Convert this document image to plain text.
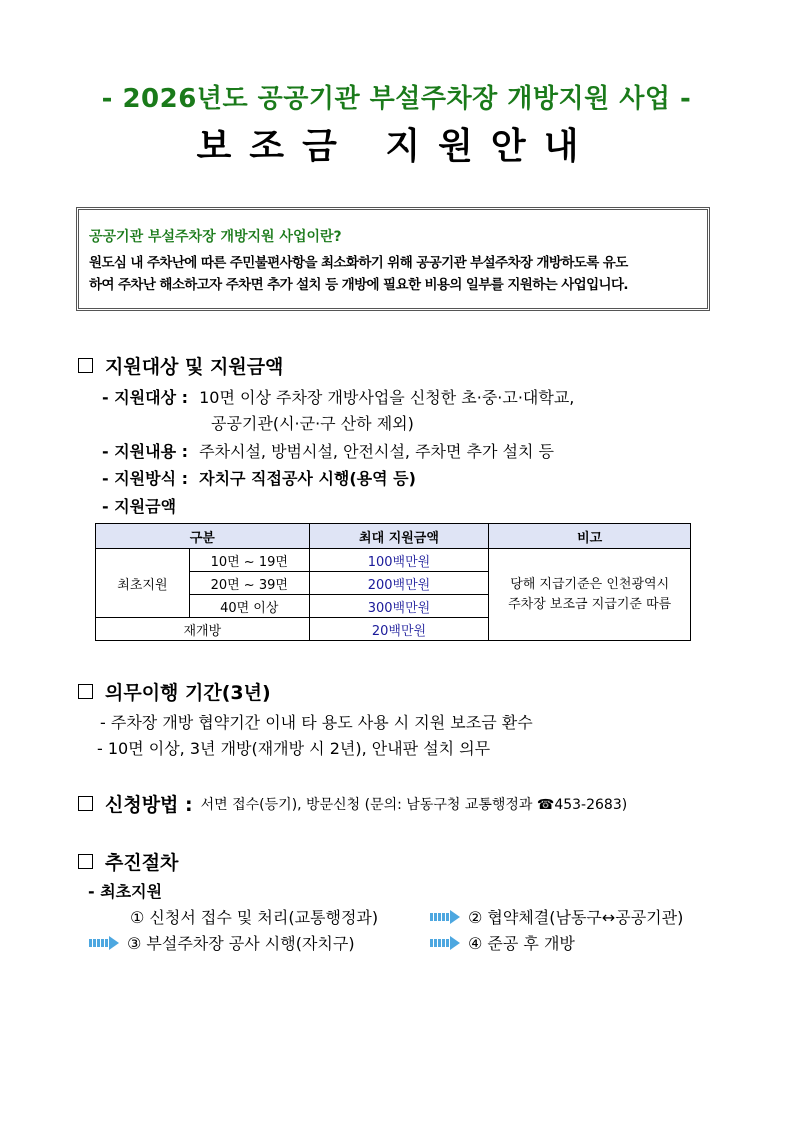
- 2026년도 공공기관 부설주차장 개방지원 사업 -
보조금 지원안내
공공기관 부설주차장 개방지원 사업이란?
원도심 내 주차난에 따른 주민불편사항을 최소화하기 위해 공공기관 부설주차장 개방하도록 유도
하여 주차난 해소하고자 주차면 추가 설치 등 개방에 필요한 비용의 일부를 지원하는 사업입니다.
지원대상 및 지원금액
- 지원대상 : 10면 이상 주차장 개방사업을 신청한 초·중·고·대학교,
공공기관(시·군·구 산하 제외)
- 지원내용 : 주차시설, 방범시설, 안전시설, 주차면 추가 설치 등
- 지원방식 : 자치구 직접공사 시행(용역 등)
- 지원금액
구분		최대 지원금액	비고
최초지원	10면 ~ 19면	100백만원	당해 지급기준은 인천광역시
주차장 보조금 지급기준 따름

	20면 ~ 39면	200백만원	
	40면 이상	300백만원	
재개방		20백만원	
의무이행 기간(3년)
- 주차장 개방 협약기간 이내 타 용도 사용 시 지원 보조금 환수
- 10면 이상, 3년 개방(재개방 시 2년), 안내판 설치 의무
신청방법 : 서면 접수(등기), 방문신청 (문의: 남동구청 교통행정과 ☎453-2683)
추진절차
- 최초지원
① 신청서 접수 및 처리(교통행정과)	② 협약체결(남동구↔공공기관)
③ 부설주차장 공사 시행(자치구)	④ 준공 후 개방
